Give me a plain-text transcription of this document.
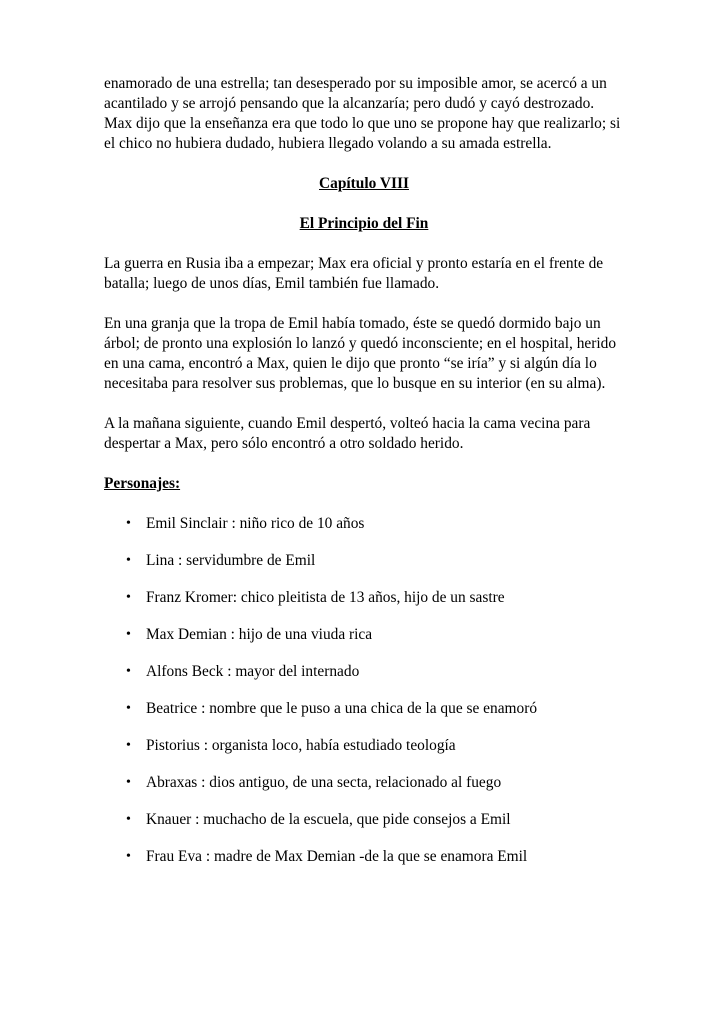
enamorado de una estrella; tan desesperado por su imposible amor, se acercó a un acantilado y se arrojó pensando que la alcanzaría; pero dudó y cayó destrozado. Max dijo que la enseñanza era que todo lo que uno se propone hay que realizarlo; si el chico no hubiera dudado, hubiera llegado volando a su amada estrella.

Capítulo VIII

El Principio del Fin

La guerra en Rusia iba a empezar; Max era oficial y pronto estaría en el frente de batalla; luego de unos días, Emil también fue llamado.

En una granja que la tropa de Emil había tomado, éste se quedó dormido bajo un árbol; de pronto una explosión lo lanzó y quedó inconsciente; en el hospital, herido en una cama, encontró a Max, quien le dijo que pronto “se iría” y si algún día lo necesitaba para resolver sus problemas, que lo busque en su interior (en su alma).

A la mañana siguiente, cuando Emil despertó, volteó hacia la cama vecina para despertar a Max, pero sólo encontró a otro soldado herido.

Personajes:

• Emil Sinclair : niño rico de 10 años
• Lina : servidumbre de Emil
• Franz Kromer: chico pleitista de 13 años, hijo de un sastre
• Max Demian : hijo de una viuda rica
• Alfons Beck : mayor del internado
• Beatrice : nombre que le puso a una chica de la que se enamoró
• Pistorius : organista loco, había estudiado teología
• Abraxas : dios antiguo, de una secta, relacionado al fuego
• Knauer : muchacho de la escuela, que pide consejos a Emil
• Frau Eva : madre de Max Demian -de la que se enamora Emil
